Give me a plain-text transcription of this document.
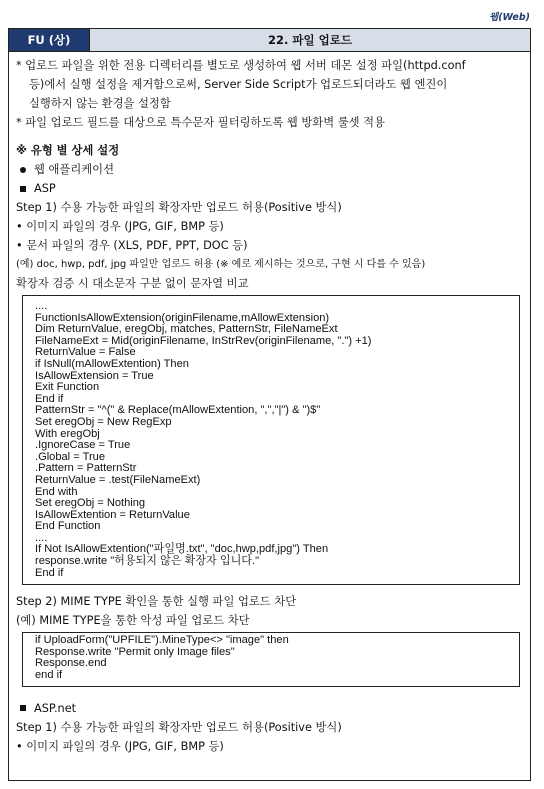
웹(Web)
FU (상)	22. 파일 업로드
* 업로드 파일을 위한 전용 디렉터리를 별도로 생성하여 웹 서버 데몬 설정 파일(httpd.conf
등)에서 실행 설정을 제거함으로써, Server Side Script가 업로드되더라도 웹 엔진이
실행하지 않는 환경을 설정함
* 파일 업로드 필드를 대상으로 특수문자 필터링하도록 웹 방화벽 룰셋 적용
※ 유형 별 상세 설정
웹 애플리케이션
ASP
Step 1) 수용 가능한 파일의 확장자만 업로드 허용(Positive 방식)
• 이미지 파일의 경우 (JPG, GIF, BMP 등)
• 문서 파일의 경우 (XLS, PDF, PPT, DOC 등)
(예) doc, hwp, pdf, jpg 파일만 업로드 허용 (※ 예로 제시하는 것으로, 구현 시 다를 수 있음)
확장자 검증 시 대소문자 구분 없이 문자열 비교
....
FunctionIsAllowExtension(originFilename,mAllowExtension)
Dim ReturnValue, eregObj, matches, PatternStr, FileNameExt
FileNameExt = Mid(originFilename, InStrRev(originFilename, ".") +1)
ReturnValue = False
if IsNull(mAllowExtention) Then
IsAllowExtension = True
Exit Function
End if
PatternStr = "^(" & Replace(mAllowExtention, ",","|") & ")$"
Set eregObj = New RegExp
With eregObj
.IgnoreCase = True
.Global = True
.Pattern = PatternStr
ReturnValue = .test(FileNameExt)
End with
Set eregObj = Nothing
IsAllowExtention = ReturnValue
End Function
....
If Not IsAllowExtention("파일명.txt", "doc,hwp,pdf,jpg") Then
response.write "허용되지 않은 확장자 입니다."
End if
Step 2) MIME TYPE 확인을 통한 실행 파일 업로드 차단
(예) MIME TYPE을 통한 악성 파일 업로드 차단
if UploadForm("UPFILE").MineType<> "image" then
Response.write "Permit only Image files"
Response.end
end if
ASP.net
Step 1) 수용 가능한 파일의 확장자만 업로드 허용(Positive 방식)
• 이미지 파일의 경우 (JPG, GIF, BMP 등)
